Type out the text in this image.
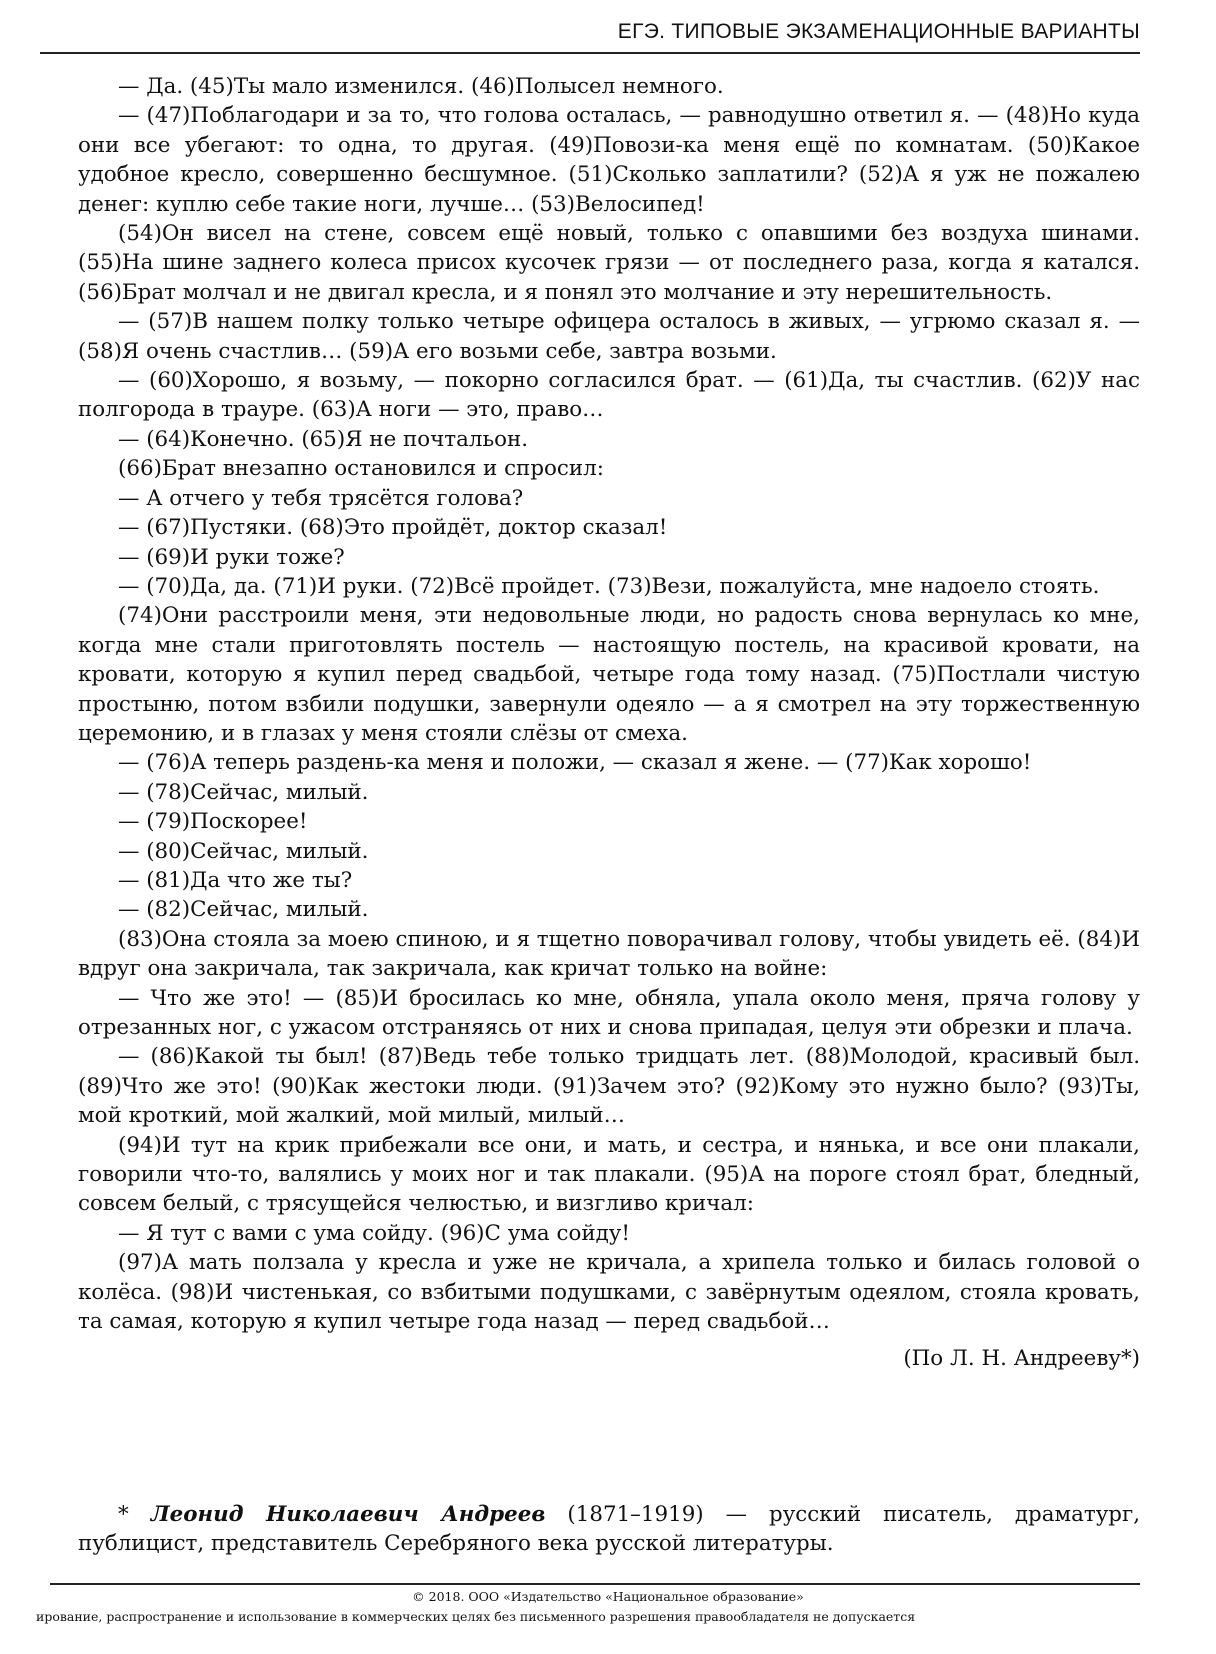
ЕГЭ. ТИПОВЫЕ ЭКЗАМЕНАЦИОННЫЕ ВАРИАНТЫ

— Да. (45)Ты мало изменился. (46)Полысел немного.

— (47)Поблагодари и за то, что голова осталась, — равнодушно ответил я. — (48)Но куда они все убегают: то одна, то другая. (49)Повози-ка меня ещё по комнатам. (50)Какое удобное кресло, совершенно бесшумное. (51)Сколько заплатили? (52)А я уж не пожалею денег: куплю себе такие ноги, лучше… (53)Велосипед!

(54)Он висел на стене, совсем ещё новый, только с опавшими без воздуха шинами. (55)На шине заднего колеса присох кусочек грязи — от последнего раза, когда я катался. (56)Брат молчал и не двигал кресла, и я понял это молчание и эту нерешительность.

— (57)В нашем полку только четыре офицера осталось в живых, — угрюмо сказал я. — (58)Я очень счастлив… (59)А его возьми себе, завтра возьми.

— (60)Хорошо, я возьму, — покорно согласился брат. — (61)Да, ты счастлив. (62)У нас полгорода в трауре. (63)А ноги — это, право…

— (64)Конечно. (65)Я не почтальон.

(66)Брат внезапно остановился и спросил:

— А отчего у тебя трясётся голова?

— (67)Пустяки. (68)Это пройдёт, доктор сказал!

— (69)И руки тоже?

— (70)Да, да. (71)И руки. (72)Всё пройдет. (73)Вези, пожалуйста, мне надоело стоять.

(74)Они расстроили меня, эти недовольные люди, но радость снова вернулась ко мне, когда мне стали приготовлять постель — настоящую постель, на красивой кровати, на кровати, которую я купил перед свадьбой, четыре года тому назад. (75)Постлали чистую простыню, потом взбили подушки, завернули одеяло — а я смотрел на эту торжественную церемонию, и в глазах у меня стояли слёзы от смеха.

— (76)А теперь раздень-ка меня и положи, — сказал я жене. — (77)Как хорошо!

— (78)Сейчас, милый.

— (79)Поскорее!

— (80)Сейчас, милый.

— (81)Да что же ты?

— (82)Сейчас, милый.

(83)Она стояла за моею спиною, и я тщетно поворачивал голову, чтобы увидеть её. (84)И вдруг она закричала, так закричала, как кричат только на войне:

— Что же это! — (85)И бросилась ко мне, обняла, упала около меня, пряча голову у отрезанных ног, с ужасом отстраняясь от них и снова припадая, целуя эти обрезки и плача.

— (86)Какой ты был! (87)Ведь тебе только тридцать лет. (88)Молодой, красивый был. (89)Что же это! (90)Как жестоки люди. (91)Зачем это? (92)Кому это нужно было? (93)Ты, мой кроткий, мой жалкий, мой милый, милый…

(94)И тут на крик прибежали все они, и мать, и сестра, и нянька, и все они плакали, говорили что-то, валялись у моих ног и так плакали. (95)А на пороге стоял брат, бледный, совсем белый, с трясущейся челюстью, и визгливо кричал:

— Я тут с вами с ума сойду. (96)С ума сойду!

(97)А мать ползала у кресла и уже не кричала, а хрипела только и билась головой о колёса. (98)И чистенькая, со взбитыми подушками, с завёрнутым одеялом, стояла кровать, та самая, которую я купил четыре года назад — перед свадьбой…

(По Л. Н. Андрееву*)

* Леонид Николаевич Андреев (1871–1919) — русский писатель, драматург, публицист, представитель Серебряного века русской литературы.
© 2018. ООО «Издательство «Национальное образование»
ирование, распространение и использование в коммерческих целях без письменного разрешения правообладателя не допускается
